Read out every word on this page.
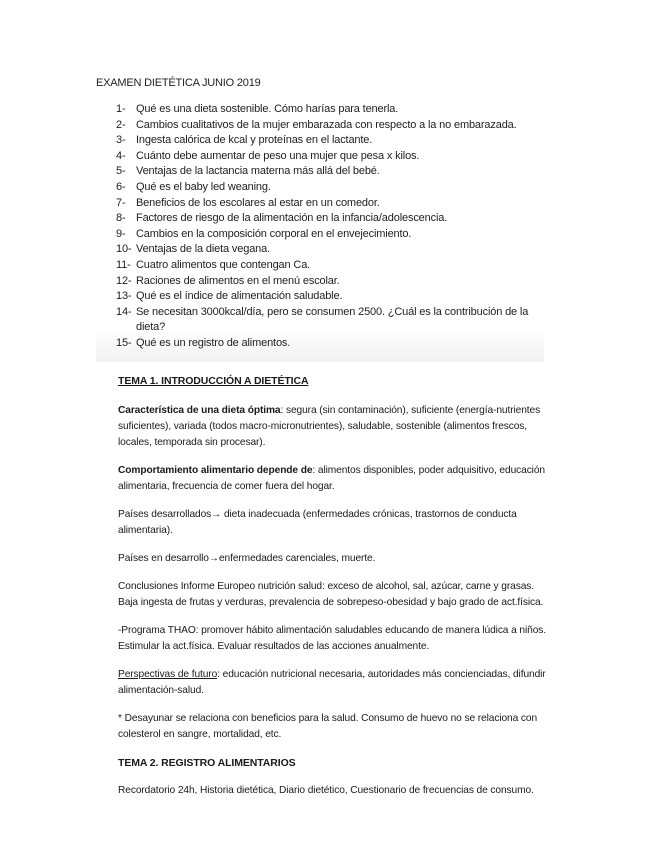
EXAMEN DIETÉTICA JUNIO 2019
1- Qué es una dieta sostenible. Cómo harías para tenerla.
2- Cambios cualitativos de la mujer embarazada con respecto a la no embarazada.
3- Ingesta calórica de kcal y proteínas en el lactante.
4- Cuánto debe aumentar de peso una mujer que pesa x kilos.
5- Ventajas de la lactancia materna más allá del bebé.
6- Qué es el baby led weaning.
7- Beneficios de los escolares al estar en un comedor.
8- Factores de riesgo de la alimentación en la infancia/adolescencia.
9- Cambios en la composición corporal en el envejecimiento.
10- Ventajas de la dieta vegana.
11- Cuatro alimentos que contengan Ca.
12- Raciones de alimentos en el menú escolar.
13- Qué es el índice de alimentación saludable.
14- Se necesitan 3000kcal/día, pero se consumen 2500. ¿Cuál es la contribución de la dieta?
15- Qué es un registro de alimentos.

TEMA 1. INTRODUCCIÓN A DIETÉTICA

Característica de una dieta óptima: segura (sin contaminación), suficiente (energía-nutrientes suficientes), variada (todos macro-micronutrientes), saludable, sostenible (alimentos frescos, locales, temporada sin procesar).

Comportamiento alimentario depende de: alimentos disponibles, poder adquisitivo, educación alimentaria, frecuencia de comer fuera del hogar.

Países desarrollados→ dieta inadecuada (enfermedades crónicas, trastornos de conducta alimentaria).

Países en desarrollo→enfermedades carenciales, muerte.

Conclusiones Informe Europeo nutrición salud: exceso de alcohol, sal, azúcar, carne y grasas. Baja ingesta de frutas y verduras, prevalencia de sobrepeso-obesidad y bajo grado de act.física.

-Programa THAO: promover hábito alimentación saludables educando de manera lúdica a niños. Estimular la act.física. Evaluar resultados de las acciones anualmente.

Perspectivas de futuro: educación nutricional necesaria, autoridades más concienciadas, difundir alimentación-salud.

* Desayunar se relaciona con beneficios para la salud. Consumo de huevo no se relaciona con colesterol en sangre, mortalidad, etc.

TEMA 2. REGISTRO ALIMENTARIOS

Recordatorio 24h, Historia dietética, Diario dietético, Cuestionario de frecuencias de consumo.
